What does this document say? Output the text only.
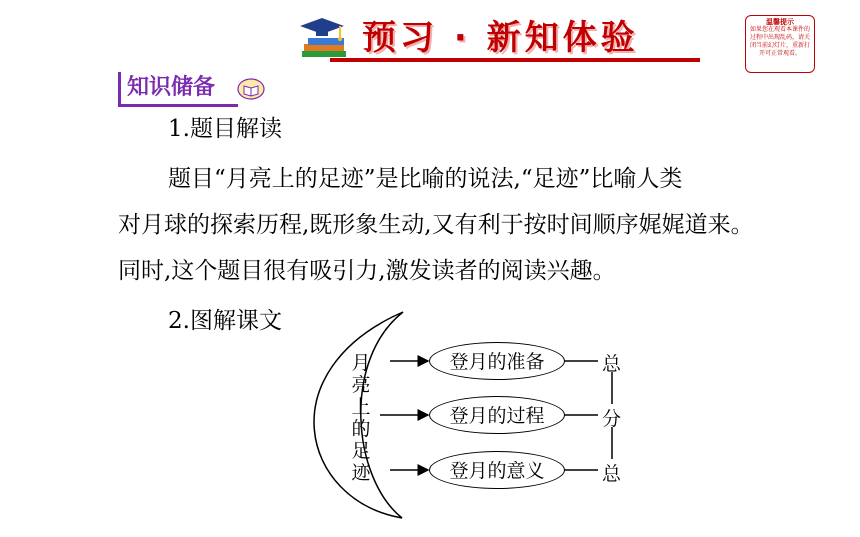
预习 · 新知体验	温馨提示
如果您在观看本课件的过程中出现乱码，请关闭当前幻灯片，重新打开可正常观看。
知识储备
1.题目解读
题目“月亮上的足迹”是比喻的说法,“足迹”比喻人类
对月球的探索历程,既形象生动,又有利于按时间顺序娓娓道来。
同时,这个题目很有吸引力,激发读者的阅读兴趣。
2.图解课文
月
亮
上
的
足
迹
登月的准备
登月的过程
登月的意义
总
分
总
